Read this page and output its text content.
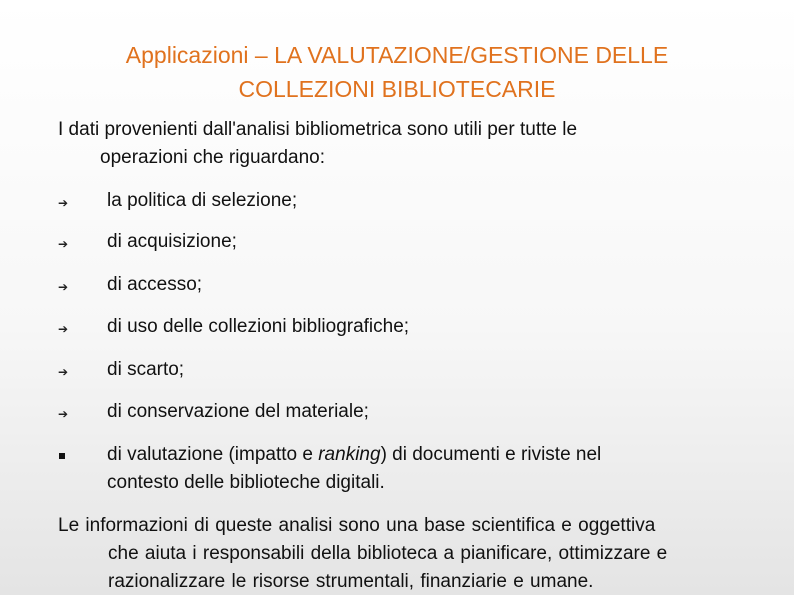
Applicazioni – LA VALUTAZIONE/GESTIONE DELLE
COLLEZIONI BIBLIOTECARIE
I dati provenienti dall'analisi bibliometrica sono utili per tutte le
operazioni che riguardano:
➔ la politica di selezione;
➔ di acquisizione;
➔ di accesso;
➔ di uso delle collezioni bibliografiche;
➔ di scarto;
➔ di conservazione del materiale;
di valutazione (impatto e ranking) di documenti e riviste nel
contesto delle biblioteche digitali.
Le informazioni di queste analisi sono una base scientifica e oggettiva
che aiuta i responsabili della biblioteca a pianificare, ottimizzare e
razionalizzare le risorse strumentali, finanziarie e umane.
